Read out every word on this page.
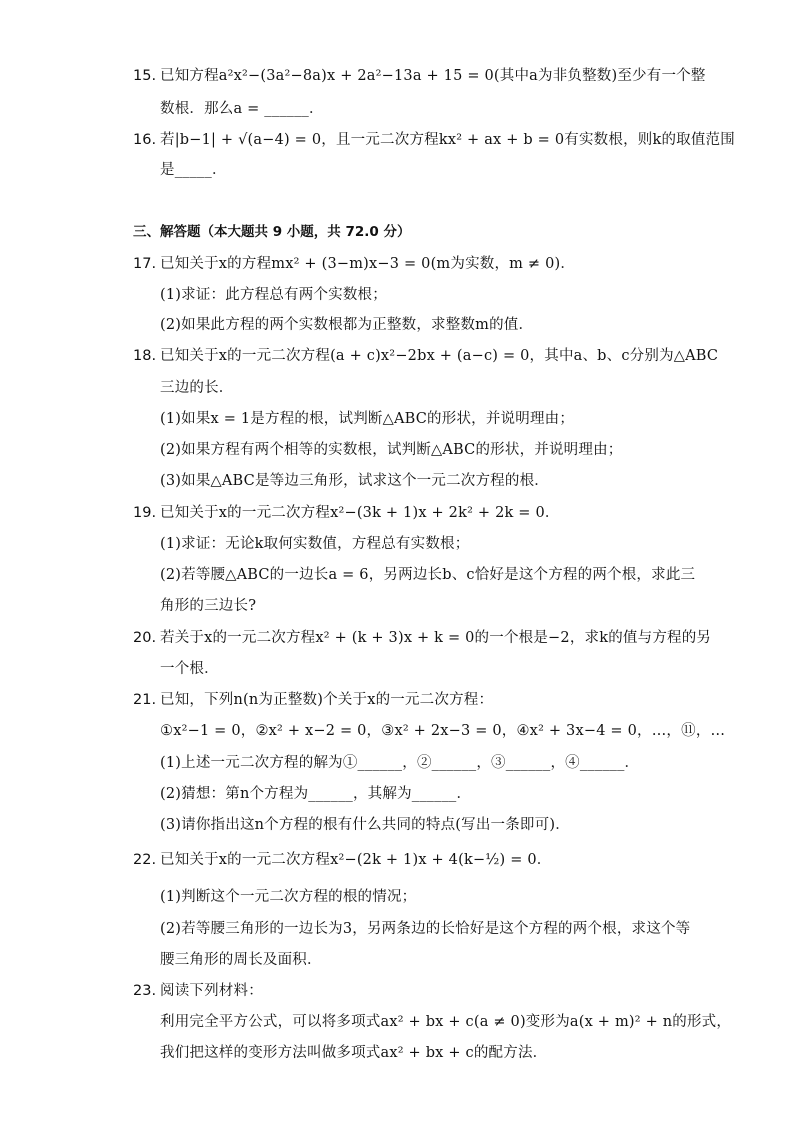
15. 已知方程a²x²−(3a²−8a)x + 2a²−13a + 15 = 0(其中a为非负整数)至少有一个整
数根．那么a = ______．
16. 若|b−1| + √(a−4) = 0，且一元二次方程kx² + ax + b = 0有实数根，则k的取值范围
是_____．
三、解答题（本大题共 9 小题，共 72.0 分）
17. 已知关于x的方程mx² + (3−m)x−3 = 0(m为实数，m ≠ 0)．
(1)求证：此方程总有两个实数根；
(2)如果此方程的两个实数根都为正整数，求整数m的值．
18. 已知关于x的一元二次方程(a + c)x²−2bx + (a−c) = 0，其中a、b、c分别为△ABC
三边的长．
(1)如果x = 1是方程的根，试判断△ABC的形状，并说明理由；
(2)如果方程有两个相等的实数根，试判断△ABC的形状，并说明理由；
(3)如果△ABC是等边三角形，试求这个一元二次方程的根．
19. 已知关于x的一元二次方程x²−(3k + 1)x + 2k² + 2k = 0．
(1)求证：无论k取何实数值，方程总有实数根；
(2)若等腰△ABC的一边长a = 6，另两边长b、c恰好是这个方程的两个根，求此三
角形的三边长?
20. 若关于x的一元二次方程x² + (k + 3)x + k = 0的一个根是−2，求k的值与方程的另
一个根．
21. 已知，下列n(n为正整数)个关于x的一元二次方程：
①x²−1 = 0，②x² + x−2 = 0，③x² + 2x−3 = 0，④x² + 3x−4 = 0，…，⑪，…
(1)上述一元二次方程的解为①______，②______，③______，④______．
(2)猜想：第n个方程为______，其解为______．
(3)请你指出这n个方程的根有什么共同的特点(写出一条即可)．
22. 已知关于x的一元二次方程x²−(2k + 1)x + 4(k−½) = 0．
(1)判断这个一元二次方程的根的情况；
(2)若等腰三角形的一边长为3，另两条边的长恰好是这个方程的两个根，求这个等
腰三角形的周长及面积．
23. 阅读下列材料：
利用完全平方公式，可以将多项式ax² + bx + c(a ≠ 0)变形为a(x + m)² + n的形式，
我们把这样的变形方法叫做多项式ax² + bx + c的配方法．
